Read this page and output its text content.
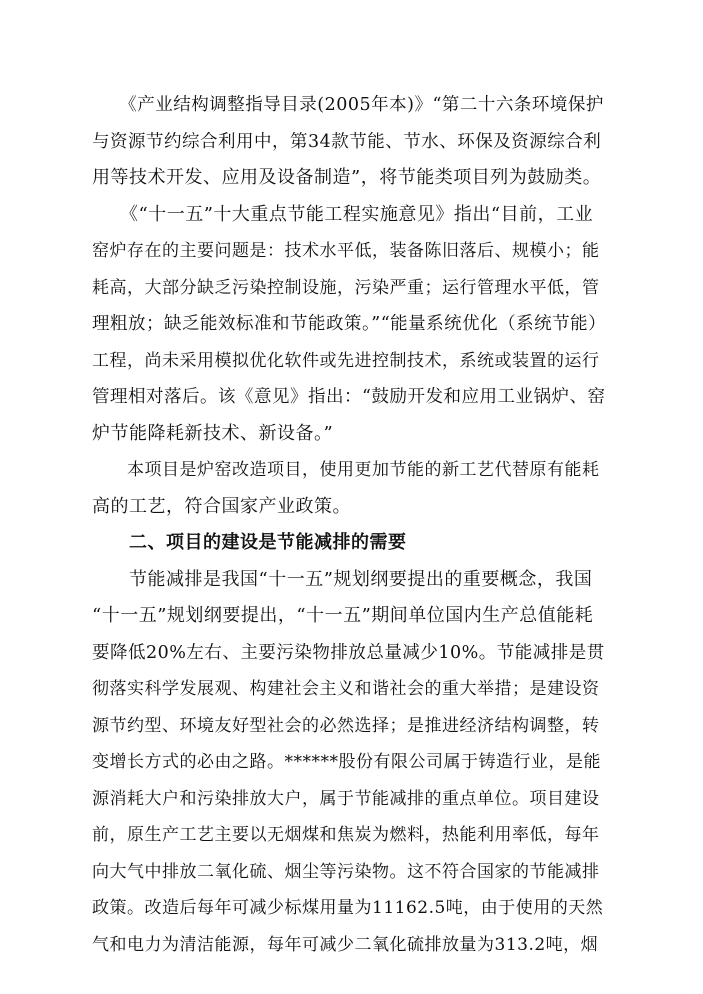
　　《产业结构调整指导目录(2005年本)》“第二十六条环境保护
与资源节约综合利用中，第34款节能、节水、环保及资源综合利
用等技术开发、应用及设备制造”，将节能类项目列为鼓励类。
　　《“十一五”十大重点节能工程实施意见》指出“目前，工业
窑炉存在的主要问题是：技术水平低，装备陈旧落后、规模小；能
耗高，大部分缺乏污染控制设施，污染严重；运行管理水平低，管
理粗放；缺乏能效标准和节能政策。”“能量系统优化（系统节能）
工程，尚未采用模拟优化软件或先进控制技术，系统或装置的运行
管理相对落后。该《意见》指出：“鼓励开发和应用工业锅炉、窑
炉节能降耗新技术、新设备。”
　　本项目是炉窑改造项目，使用更加节能的新工艺代替原有能耗
高的工艺，符合国家产业政策。
　　二、项目的建设是节能减排的需要
　　节能减排是我国“十一五”规划纲要提出的重要概念，我国
“十一五”规划纲要提出，“十一五”期间单位国内生产总值能耗
要降低20%左右、主要污染物排放总量减少10%。节能减排是贯
彻落实科学发展观、构建社会主义和谐社会的重大举措；是建设资
源节约型、环境友好型社会的必然选择；是推进经济结构调整，转
变增长方式的必由之路。******股份有限公司属于铸造行业，是能
源消耗大户和污染排放大户，属于节能减排的重点单位。项目建设
前，原生产工艺主要以无烟煤和焦炭为燃料，热能利用率低，每年
向大气中排放二氧化硫、烟尘等污染物。这不符合国家的节能减排
政策。改造后每年可减少标煤用量为11162.5吨，由于使用的天然
气和电力为清洁能源，每年可减少二氧化硫排放量为313.2吨，烟
